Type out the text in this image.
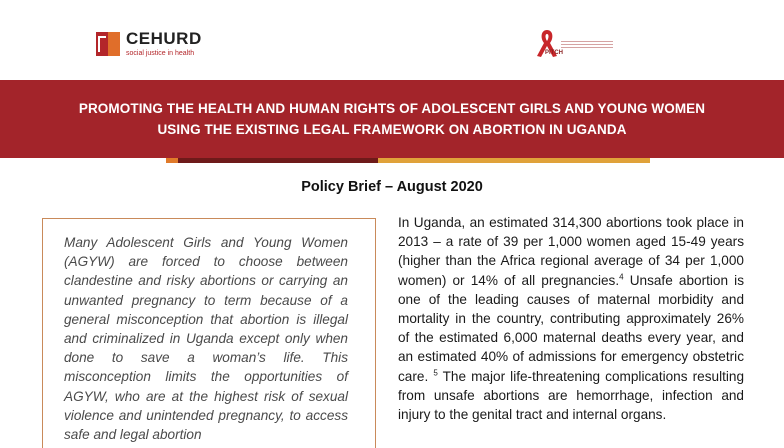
CEHURD
social justice in health	PITCH
PROMOTING THE HEALTH AND HUMAN RIGHTS OF ADOLESCENT GIRLS AND YOUNG WOMEN
USING THE EXISTING LEGAL FRAMEWORK ON ABORTION IN UGANDA
Policy Brief – August 2020
Many Adolescent Girls and Young Women (AGYW) are forced to choose between clandestine and risky abortions or carrying an unwanted pregnancy to term because of a general misconception that abortion is illegal and criminalized in Uganda except only when done to save a woman’s life. This misconception limits the opportunities of AGYW, who are at the highest risk of sexual violence and unintended pregnancy, to access safe and legal abortion
In Uganda, an estimated 314,300 abortions took place in 2013 – a rate of 39 per 1,000 women aged 15-49 years (higher than the Africa regional average of 34 per 1,000 women) or 14% of all pregnancies.$^4$ Unsafe abortion is one of the leading causes of maternal morbidity and mortality in the country, contributing approximately 26% of the estimated 6,000 maternal deaths every year, and an estimated 40% of admissions for emergency obstetric care. $^5$ The major life-threatening complications resulting from unsafe abortions are hemorrhage, infection and injury to the genital tract and internal organs.
